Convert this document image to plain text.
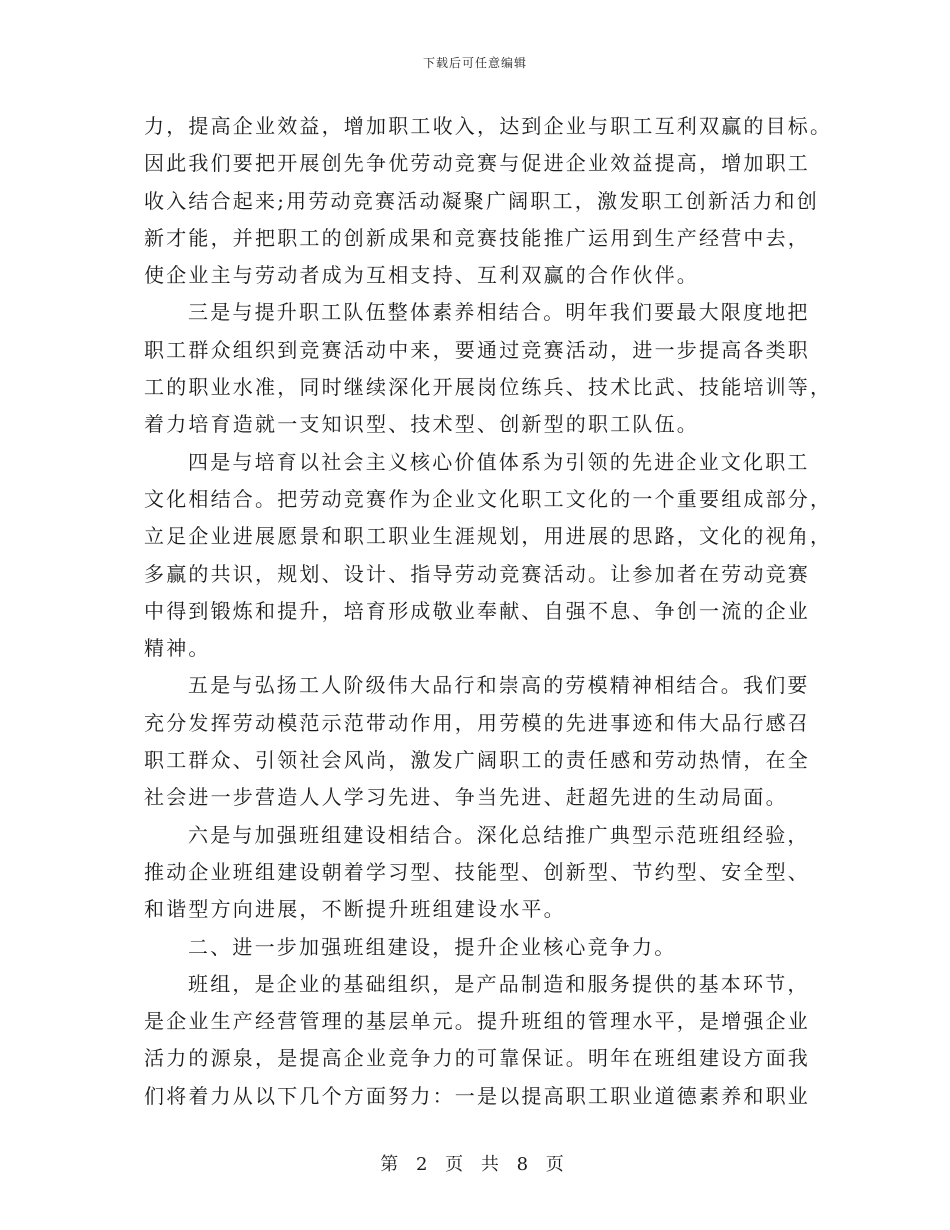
下载后可任意编辑
力，提高企业效益，增加职工收入，达到企业与职工互利双赢的目标。
因此我们要把开展创先争优劳动竞赛与促进企业效益提高，增加职工
收入结合起来;用劳动竞赛活动凝聚广阔职工，激发职工创新活力和创
新才能，并把职工的创新成果和竞赛技能推广运用到生产经营中去，
使企业主与劳动者成为互相支持、互利双赢的合作伙伴。
三是与提升职工队伍整体素养相结合。明年我们要最大限度地把
职工群众组织到竞赛活动中来，要通过竞赛活动，进一步提高各类职
工的职业水准，同时继续深化开展岗位练兵、技术比武、技能培训等，
着力培育造就一支知识型、技术型、创新型的职工队伍。
四是与培育以社会主义核心价值体系为引领的先进企业文化职工
文化相结合。把劳动竞赛作为企业文化职工文化的一个重要组成部分，
立足企业进展愿景和职工职业生涯规划，用进展的思路，文化的视角，
多赢的共识，规划、设计、指导劳动竞赛活动。让参加者在劳动竞赛
中得到锻炼和提升，培育形成敬业奉献、自强不息、争创一流的企业
精神。
五是与弘扬工人阶级伟大品行和崇高的劳模精神相结合。我们要
充分发挥劳动模范示范带动作用，用劳模的先进事迹和伟大品行感召
职工群众、引领社会风尚，激发广阔职工的责任感和劳动热情，在全
社会进一步营造人人学习先进、争当先进、赶超先进的生动局面。
六是与加强班组建设相结合。深化总结推广典型示范班组经验，
推动企业班组建设朝着学习型、技能型、创新型、节约型、安全型、
和谐型方向进展，不断提升班组建设水平。
二、进一步加强班组建设，提升企业核心竞争力。
班组，是企业的基础组织，是产品制造和服务提供的基本环节，
是企业生产经营管理的基层单元。提升班组的管理水平，是增强企业
活力的源泉，是提高企业竞争力的可靠保证。明年在班组建设方面我
们将着力从以下几个方面努力：一是以提高职工职业道德素养和职业
第 2 页 共 8 页
